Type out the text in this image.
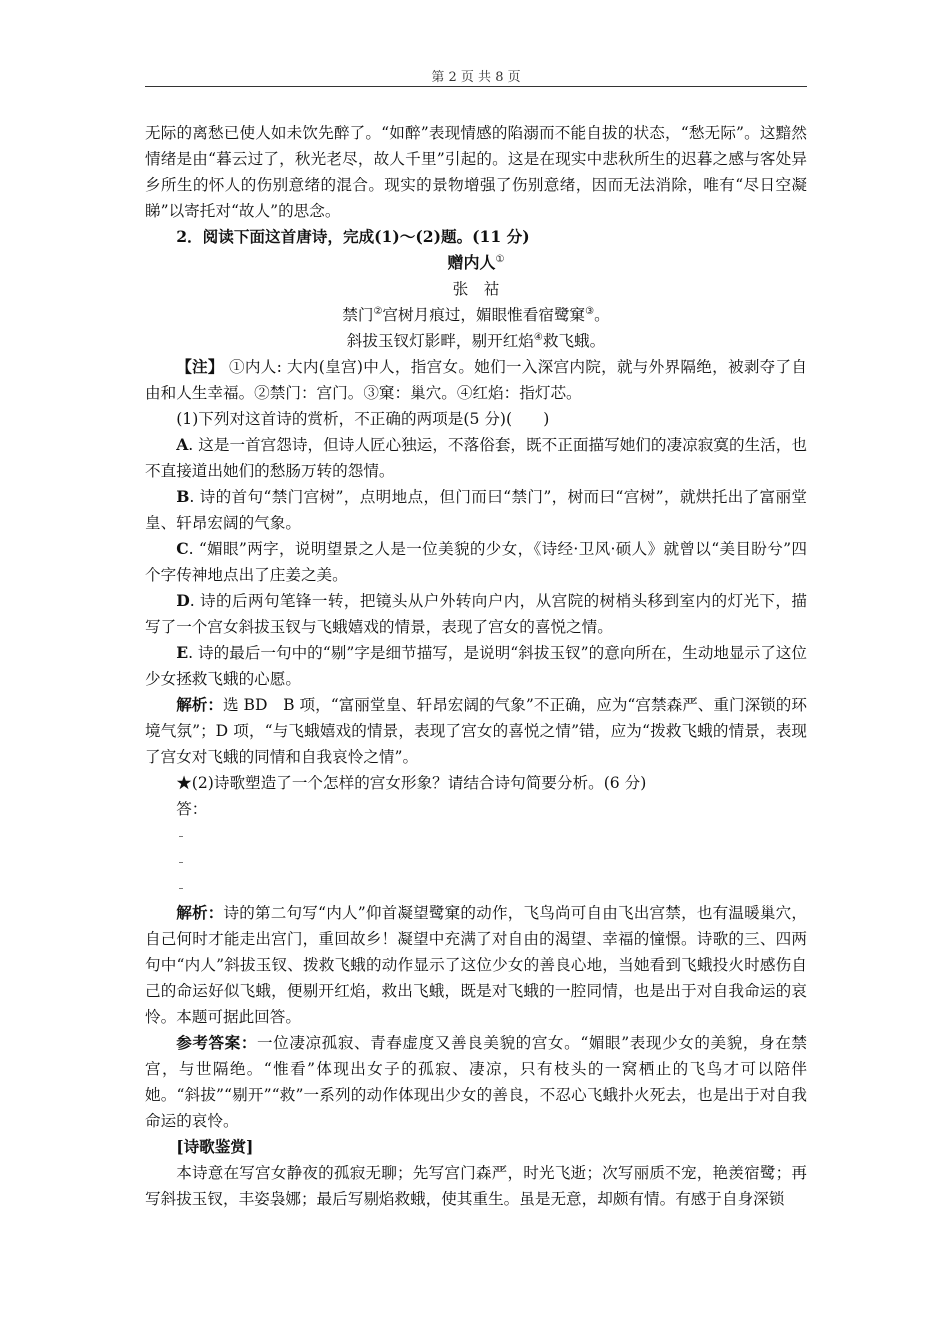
第 2 页 共 8 页

无际的离愁已使人如未饮先醉了。“如醉”表现情感的陷溺而不能自拔的状态，“愁无际”。这黯然情绪是由“暮云过了，秋光老尽，故人千里”引起的。这是在现实中悲秋所生的迟暮之感与客处异乡所生的怀人的伤别意绪的混合。现实的景物增强了伤别意绪，因而无法消除，唯有“尽日空凝睇”以寄托对“故人”的思念。

2．阅读下面这首唐诗，完成(1)～(2)题。(11 分)

赠内人①

张　祜

禁门②宫树月痕过，媚眼惟看宿鹭窠③。

斜拔玉钗灯影畔，剔开红焰④救飞蛾。

【注】 ①内人: 大内(皇宫)中人，指宫女。她们一入深宫内院，就与外界隔绝，被剥夺了自由和人生幸福。②禁门：宫门。③窠：巢穴。④红焰：指灯芯。

(1)下列对这首诗的赏析，不正确的两项是(5 分)(　　)

A. 这是一首宫怨诗，但诗人匠心独运，不落俗套，既不正面描写她们的凄凉寂寞的生活，也不直接道出她们的愁肠万转的怨情。

B. 诗的首句“禁门宫树”，点明地点，但门而曰“禁门”，树而曰“宫树”，就烘托出了富丽堂皇、轩昂宏阔的气象。

C. “媚眼”两字，说明望景之人是一位美貌的少女，《诗经·卫风·硕人》就曾以“美目盼兮”四个字传神地点出了庄姜之美。

D. 诗的后两句笔锋一转，把镜头从户外转向户内，从宫院的树梢头移到室内的灯光下，描写了一个宫女斜拔玉钗与飞蛾嬉戏的情景，表现了宫女的喜悦之情。

E. 诗的最后一句中的“剔”字是细节描写，是说明“斜拔玉钗”的意向所在，生动地显示了这位少女拯救飞蛾的心愿。

解析：选 BD　B 项，“富丽堂皇、轩昂宏阔的气象”不正确，应为“宫禁森严、重门深锁的环境气氛”；D 项，“与飞蛾嬉戏的情景，表现了宫女的喜悦之情”错，应为“拨救飞蛾的情景，表现了宫女对飞蛾的同情和自我哀怜之情”。

★(2)诗歌塑造了一个怎样的宫女形象？请结合诗句简要分析。(6 分)

答：

解析：诗的第二句写“内人”仰首凝望鹭窠的动作，飞鸟尚可自由飞出宫禁，也有温暖巢穴，自己何时才能走出宫门，重回故乡！凝望中充满了对自由的渴望、幸福的憧憬。诗歌的三、四两句中“内人”斜拔玉钗、拨救飞蛾的动作显示了这位少女的善良心地，当她看到飞蛾投火时感伤自己的命运好似飞蛾，便剔开红焰，救出飞蛾，既是对飞蛾的一腔同情，也是出于对自我命运的哀怜。本题可据此回答。

参考答案：一位凄凉孤寂、青春虚度又善良美貌的宫女。“媚眼”表现少女的美貌，身在禁宫，与世隔绝。“惟看”体现出女子的孤寂、凄凉，只有枝头的一窝栖止的飞鸟才可以陪伴她。“斜拔”“剔开”“救”一系列的动作体现出少女的善良，不忍心飞蛾扑火死去，也是出于对自我命运的哀怜。

[诗歌鉴赏]

本诗意在写宫女静夜的孤寂无聊；先写宫门森严，时光飞逝；次写丽质不宠，艳羡宿鹭；再写斜拔玉钗，丰姿袅娜；最后写剔焰救蛾，使其重生。虽是无意，却颇有情。有感于自身深锁
